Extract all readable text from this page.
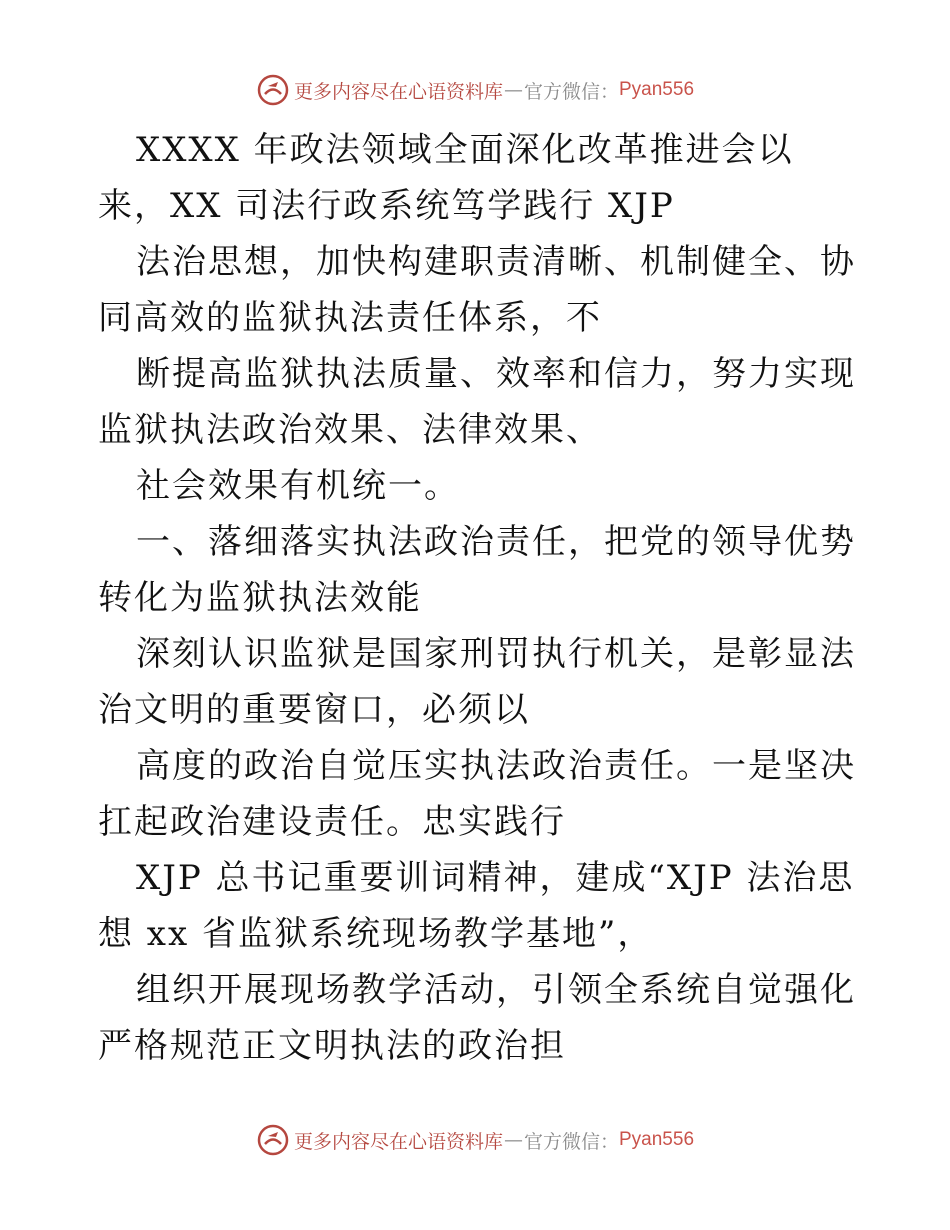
更多内容尽在心语资料库 — 官方微信： Pyan556

XXXX 年政法领域全面深化改革推进会以来，XX 司法行政系统笃学践行 XJP

法治思想，加快构建职责清晰、机制健全、协同高效的监狱执法责任体系，不

断提高监狱执法质量、效率和信力，努力实现监狱执法政治效果、法律效果、

社会效果有机统一。

一、落细落实执法政治责任，把党的领导优势转化为监狱执法效能

深刻认识监狱是国家刑罚执行机关，是彰显法治文明的重要窗口，必须以

高度的政治自觉压实执法政治责任。一是坚决扛起政治建设责任。忠实践行

XJP 总书记重要训词精神，建成“XJP 法治思想 xx 省监狱系统现场教学基地”，

组织开展现场教学活动，引领全系统自觉强化严格规范正文明执法的政治担

更多内容尽在心语资料库 — 官方微信： Pyan556
